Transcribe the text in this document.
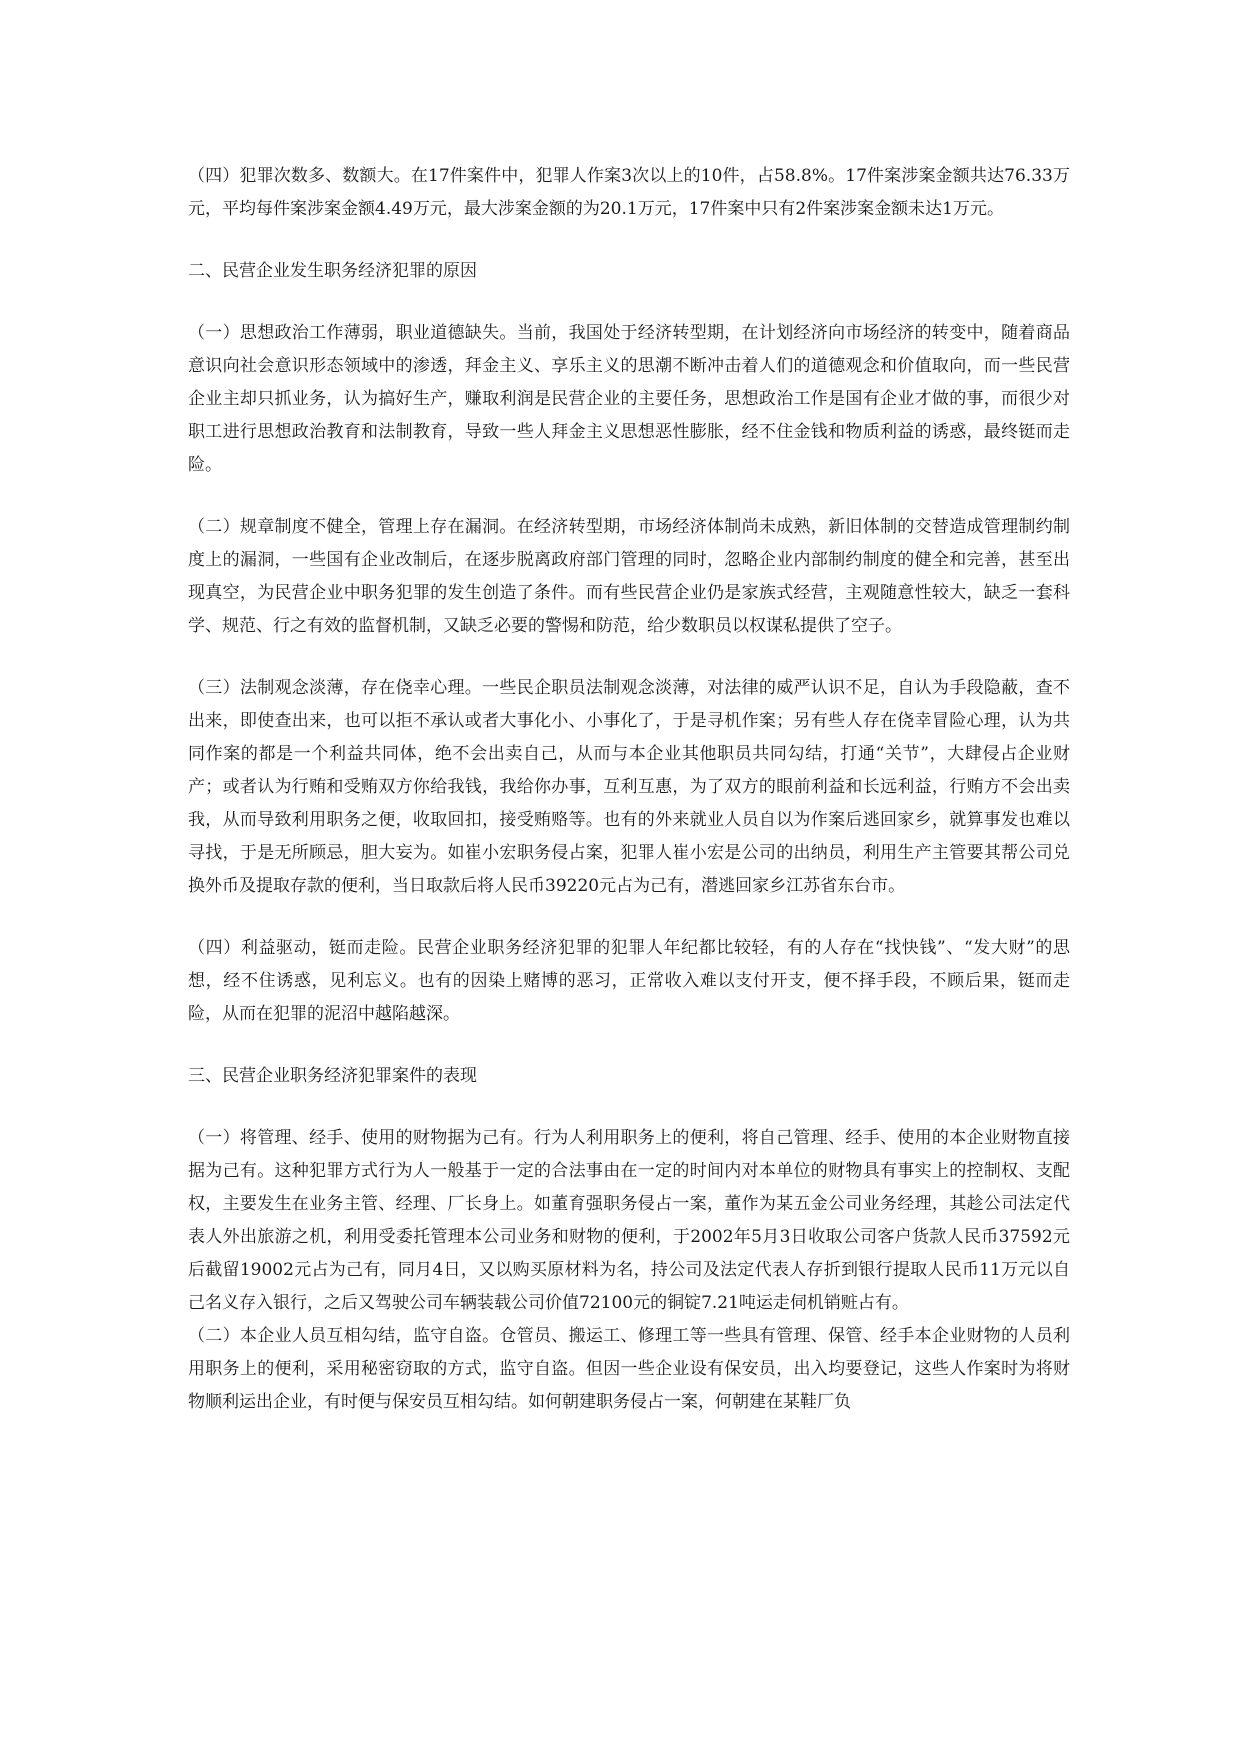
（四）犯罪次数多、数额大。在17件案件中，犯罪人作案3次以上的10件，占58.8%。17件案涉案金额共达76.33万元，平均每件案涉案金额4.49万元，最大涉案金额的为20.1万元，17件案中只有2件案涉案金额未达1万元。

二、民营企业发生职务经济犯罪的原因

（一）思想政治工作薄弱，职业道德缺失。当前，我国处于经济转型期，在计划经济向市场经济的转变中，随着商品意识向社会意识形态领域中的渗透，拜金主义、享乐主义的思潮不断冲击着人们的道德观念和价值取向，而一些民营企业主却只抓业务，认为搞好生产，赚取利润是民营企业的主要任务，思想政治工作是国有企业才做的事，而很少对职工进行思想政治教育和法制教育，导致一些人拜金主义思想恶性膨胀，经不住金钱和物质利益的诱惑，最终铤而走险。

（二）规章制度不健全，管理上存在漏洞。在经济转型期，市场经济体制尚未成熟，新旧体制的交替造成管理制约制度上的漏洞，一些国有企业改制后，在逐步脱离政府部门管理的同时，忽略企业内部制约制度的健全和完善，甚至出现真空，为民营企业中职务犯罪的发生创造了条件。而有些民营企业仍是家族式经营，主观随意性较大，缺乏一套科学、规范、行之有效的监督机制，又缺乏必要的警惕和防范，给少数职员以权谋私提供了空子。

（三）法制观念淡薄，存在侥幸心理。一些民企职员法制观念淡薄，对法律的威严认识不足，自认为手段隐蔽，查不出来，即使查出来，也可以拒不承认或者大事化小、小事化了，于是寻机作案；另有些人存在侥幸冒险心理，认为共同作案的都是一个利益共同体，绝不会出卖自己，从而与本企业其他职员共同勾结，打通“关节”，大肆侵占企业财产；或者认为行贿和受贿双方你给我钱，我给你办事，互利互惠，为了双方的眼前利益和长远利益，行贿方不会出卖我，从而导致利用职务之便，收取回扣，接受贿赂等。也有的外来就业人员自以为作案后逃回家乡，就算事发也难以寻找，于是无所顾忌，胆大妄为。如崔小宏职务侵占案，犯罪人崔小宏是公司的出纳员，利用生产主管要其帮公司兑换外币及提取存款的便利，当日取款后将人民币39220元占为己有，潜逃回家乡江苏省东台市。

（四）利益驱动，铤而走险。民营企业职务经济犯罪的犯罪人年纪都比较轻，有的人存在“找快钱”、“发大财”的思想，经不住诱惑，见利忘义。也有的因染上赌博的恶习，正常收入难以支付开支，便不择手段，不顾后果，铤而走险，从而在犯罪的泥沼中越陷越深。

三、民营企业职务经济犯罪案件的表现

（一）将管理、经手、使用的财物据为己有。行为人利用职务上的便利，将自己管理、经手、使用的本企业财物直接据为己有。这种犯罪方式行为人一般基于一定的合法事由在一定的时间内对本单位的财物具有事实上的控制权、支配权，主要发生在业务主管、经理、厂长身上。如董育强职务侵占一案，董作为某五金公司业务经理，其趁公司法定代表人外出旅游之机，利用受委托管理本公司业务和财物的便利，于2002年5月3日收取公司客户货款人民币37592元后截留19002元占为己有，同月4日，又以购买原材料为名，持公司及法定代表人存折到银行提取人民币11万元以自己名义存入银行，之后又驾驶公司车辆装载公司价值72100元的铜锭7.21吨运走伺机销赃占有。

（二）本企业人员互相勾结，监守自盗。仓管员、搬运工、修理工等一些具有管理、保管、经手本企业财物的人员利用职务上的便利，采用秘密窃取的方式，监守自盗。但因一些企业设有保安员，出入均要登记，这些人作案时为将财物顺利运出企业，有时便与保安员互相勾结。如何朝建职务侵占一案，何朝建在某鞋厂负
